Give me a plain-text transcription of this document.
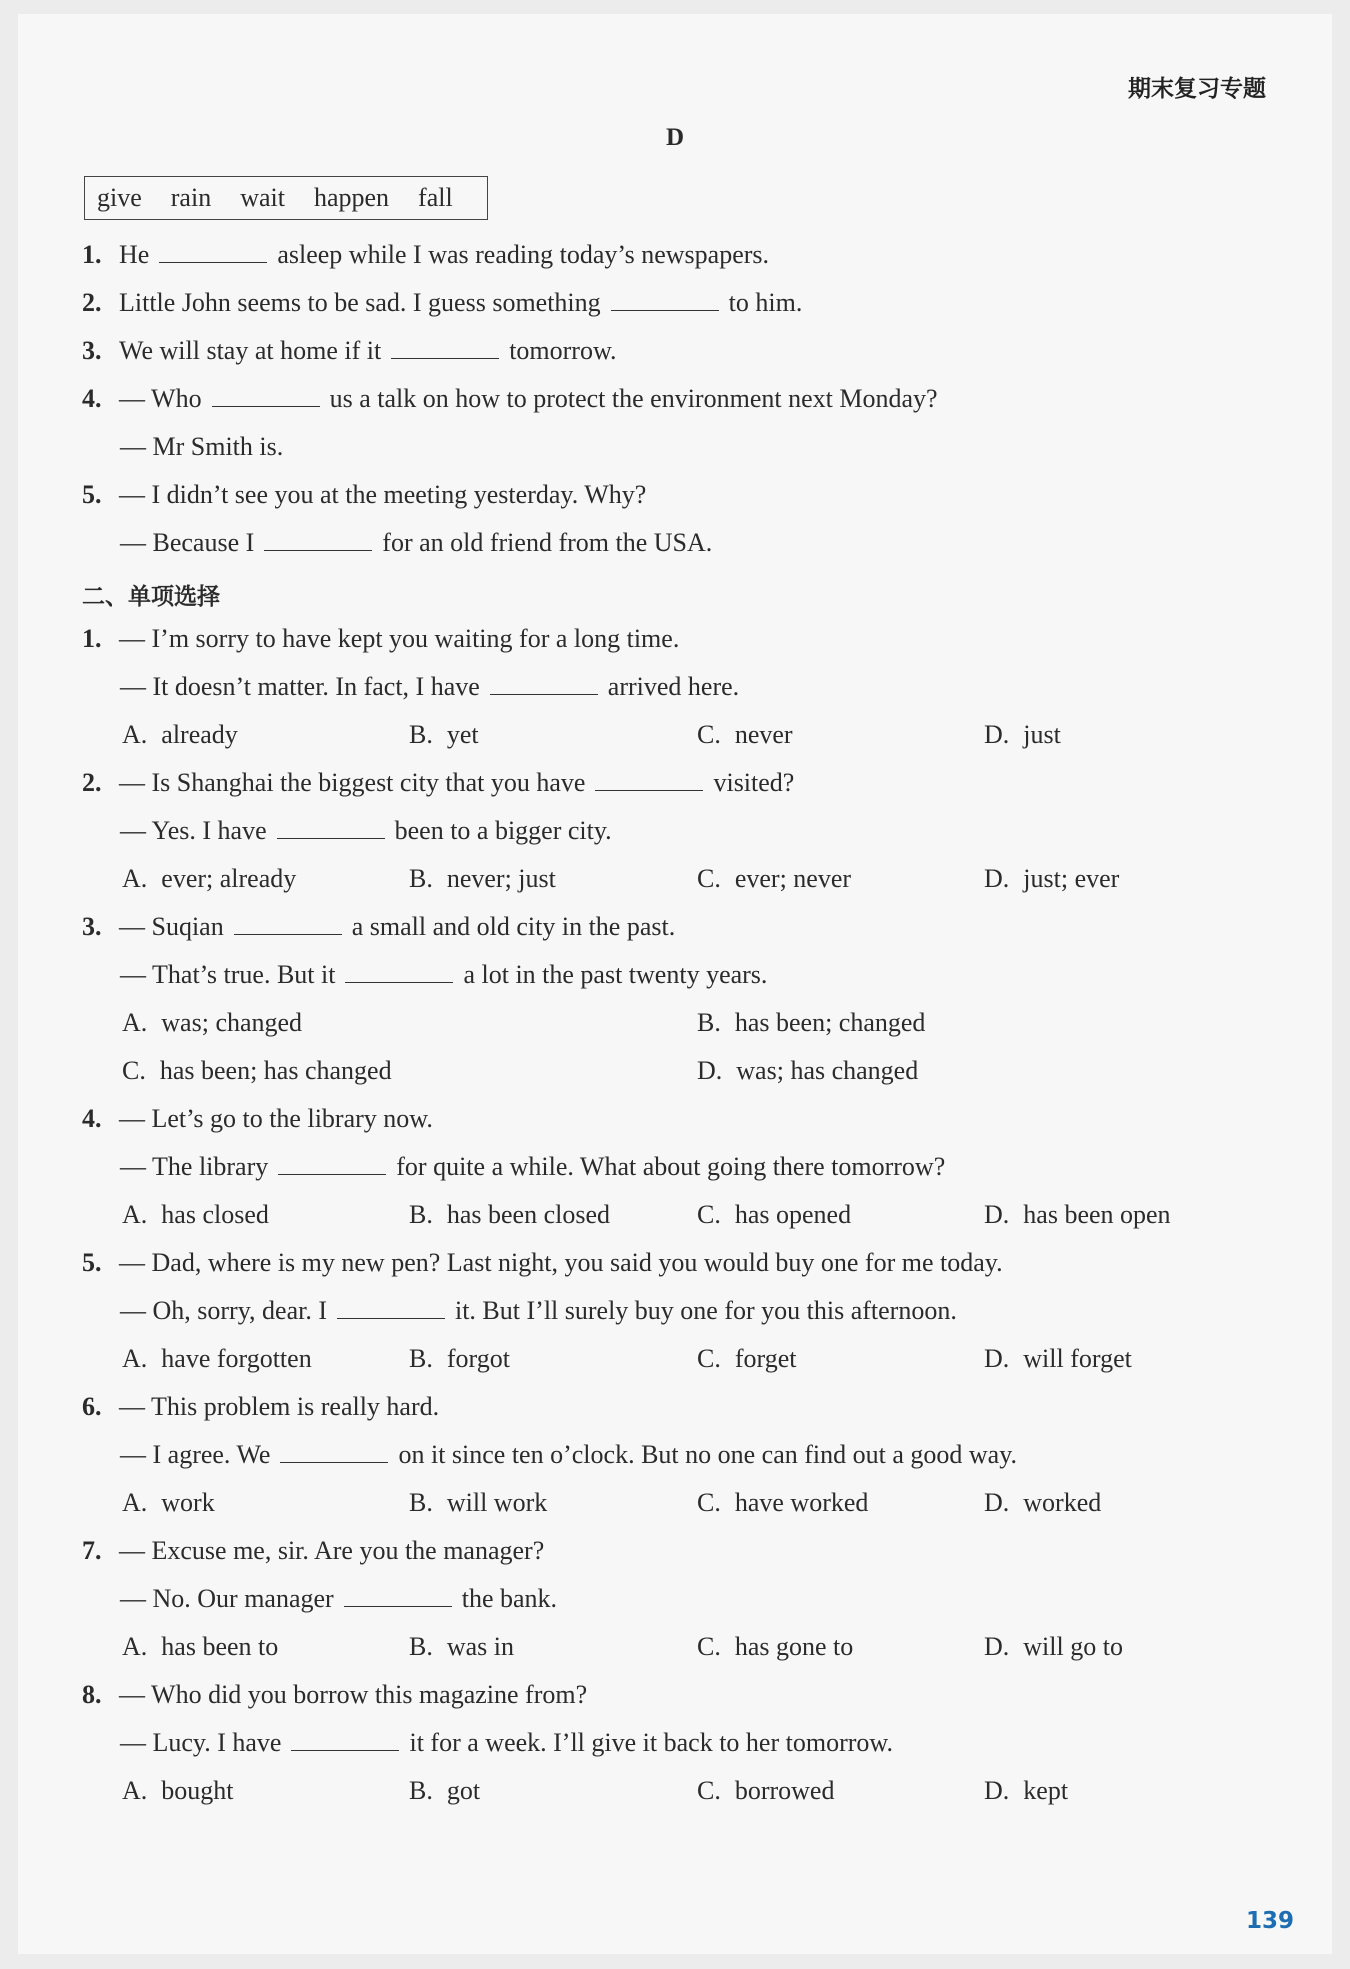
期末复习专题
D
give rain wait happen fall
1. He	asleep while I was reading today’s newspapers.
2. Little John seems to be sad. I guess something	to him.
3. We will stay at home if it	tomorrow.
4. — Who	us a talk on how to protect the environment next Monday?
— Mr Smith is.
5. — I didn’t see you at the meeting yesterday. Why?
— Because I	for an old friend from the USA.
二、单项选择
1. — I’m sorry to have kept you waiting for a long time.
— It doesn’t matter. In fact, I have	arrived here.
A. already	B. yet	C. never	D. just
2. — Is Shanghai the biggest city that you have	visited?
— Yes. I have	been to a bigger city.
A. ever; already	B. never; just	C. ever; never	D. just; ever
3. — Suqian	a small and old city in the past.
— That’s true. But it	a lot in the past twenty years.
A. was; changed	B. has been; changed
C. has been; has changed	D. was; has changed
4. — Let’s go to the library now.
— The library	for quite a while. What about going there tomorrow?
A. has closed	B. has been closed	C. has opened	D. has been open
5. — Dad, where is my new pen? Last night, you said you would buy one for me today.
— Oh, sorry, dear. I	it. But I’ll surely buy one for you this afternoon.
A. have forgotten	B. forgot	C. forget	D. will forget
6. — This problem is really hard.
— I agree. We	on it since ten o’clock. But no one can find out a good way.
A. work	B. will work	C. have worked	D. worked
7. — Excuse me, sir. Are you the manager?
— No. Our manager	the bank.
A. has been to	B. was in	C. has gone to	D. will go to
8. — Who did you borrow this magazine from?
— Lucy. I have	it for a week. I’ll give it back to her tomorrow.
A. bought	B. got	C. borrowed	D. kept
139
